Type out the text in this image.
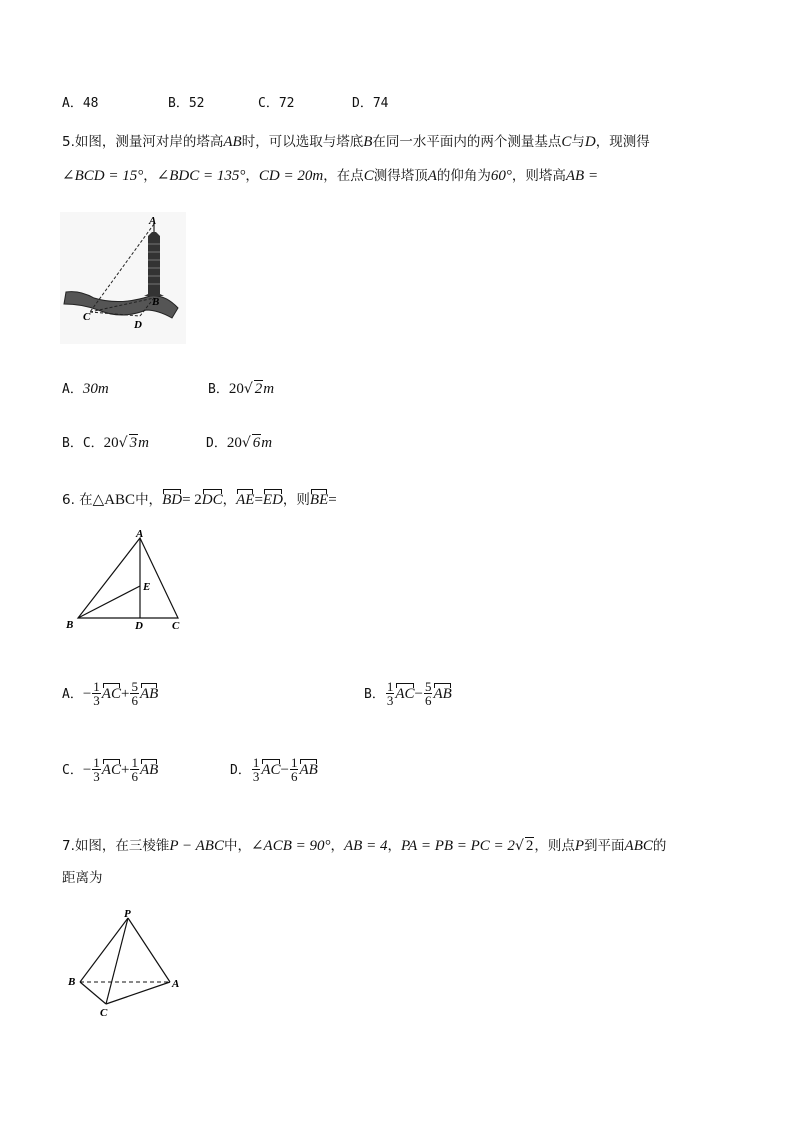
A．48	B．52	C．72	D．74
5.如图，测量河对岸的塔高AB时，可以选取与塔底B在同一水平面内的两个测量基点C与D，现测得
∠BCD = 15°，∠BDC = 135°，CD = 20m，在点C测得塔顶A的仰角为60°，则塔高AB =
A
B
C
D
A．30m	B．20√ 2m
B．C．20√ 3m	D．20√ 6m
6. 在△ABC中，BD= 2DC，AE=ED，则BE=
A
E
B	D	C
A．− $\frac{1}{3} AC+ \frac{5}{6}$ AB	B． $\frac{1}{3} AC- \frac{5}{6}$ AB
C．− $\frac{1}{3} AC+ \frac{1}{6}$ AB	D． $\frac{1}{3} AC- \frac{1}{6}$ AB
7.如图，在三棱锥P − ABC中，∠ACB = 90°，AB = 4，PA = PB = PC = 2√ 2，则点P到平面ABC的
距离为
P
B	A
C
